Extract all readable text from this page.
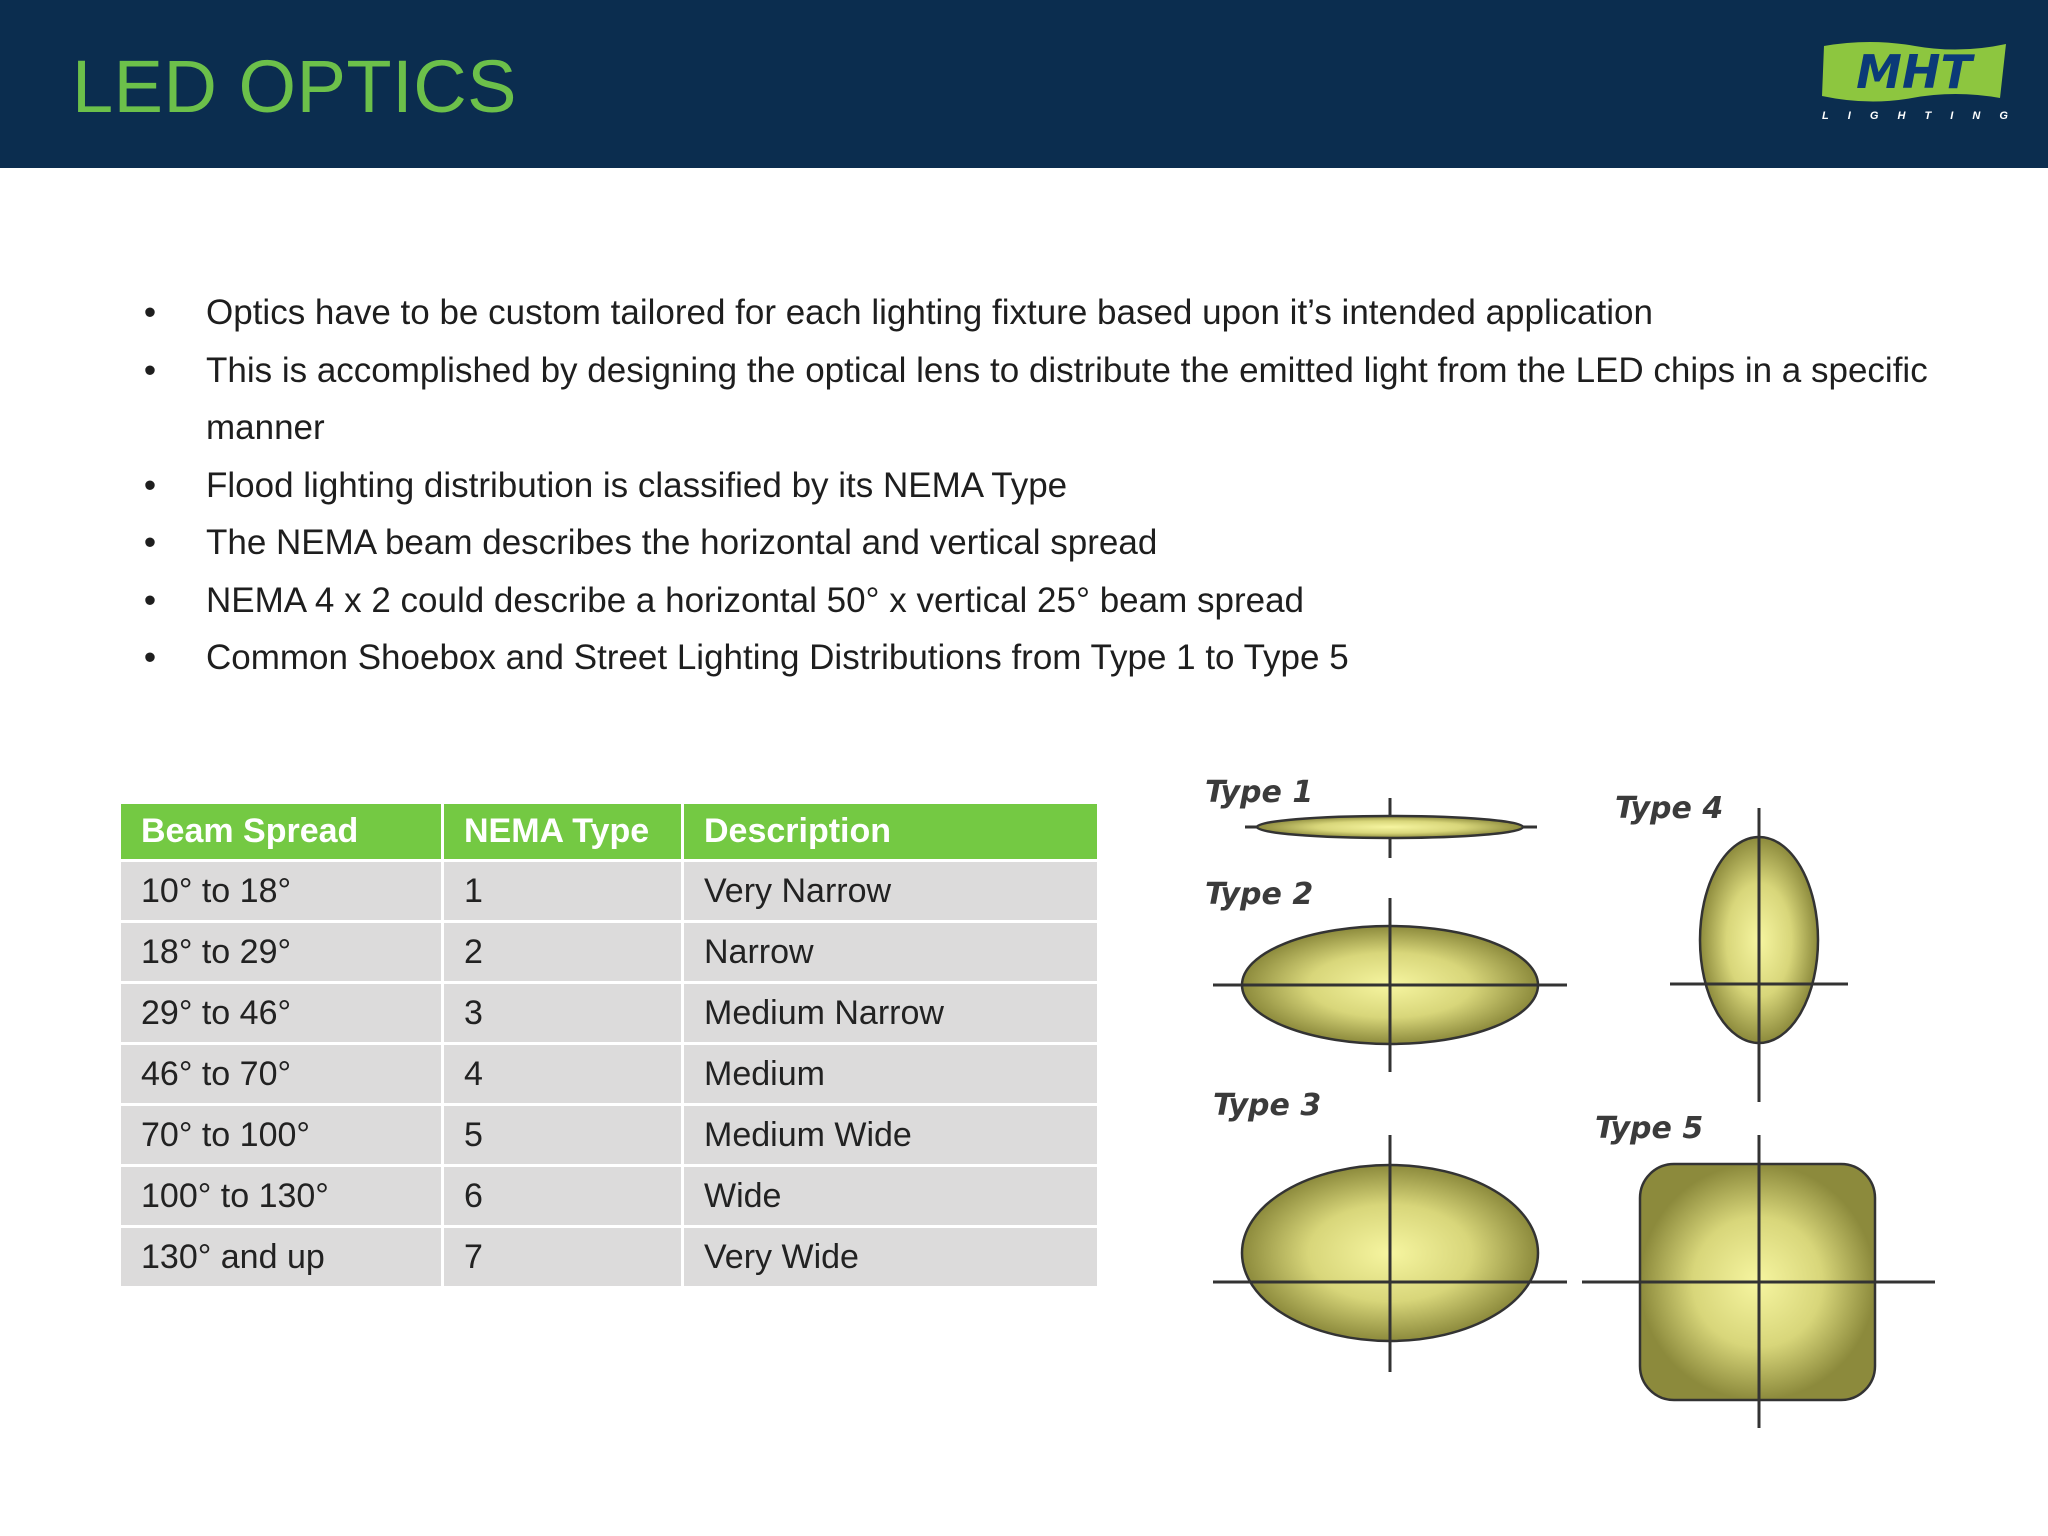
LED OPTICS	MHT
L I G H T I N G
• Optics have to be custom tailored for each lighting fixture based upon it’s intended application
• This is accomplished by designing the optical lens to distribute the emitted light from the LED chips in a specific manner
• Flood lighting distribution is classified by its NEMA Type
• The NEMA beam describes the horizontal and vertical spread
• NEMA 4 x 2 could describe a horizontal 50° x vertical 25° beam spread
• Common Shoebox and Street Lighting Distributions from Type 1 to Type 5
Beam Spread	NEMA Type	Description
10° to 18°	1	Very Narrow
18° to 29°	2	Narrow
29° to 46°	3	Medium Narrow
46° to 70°	4	Medium
70° to 100°	5	Medium Wide
100° to 130°	6	Wide
130° and up	7	Very Wide
Type 1
Type 2
Type 3
Type 4
Type 5
